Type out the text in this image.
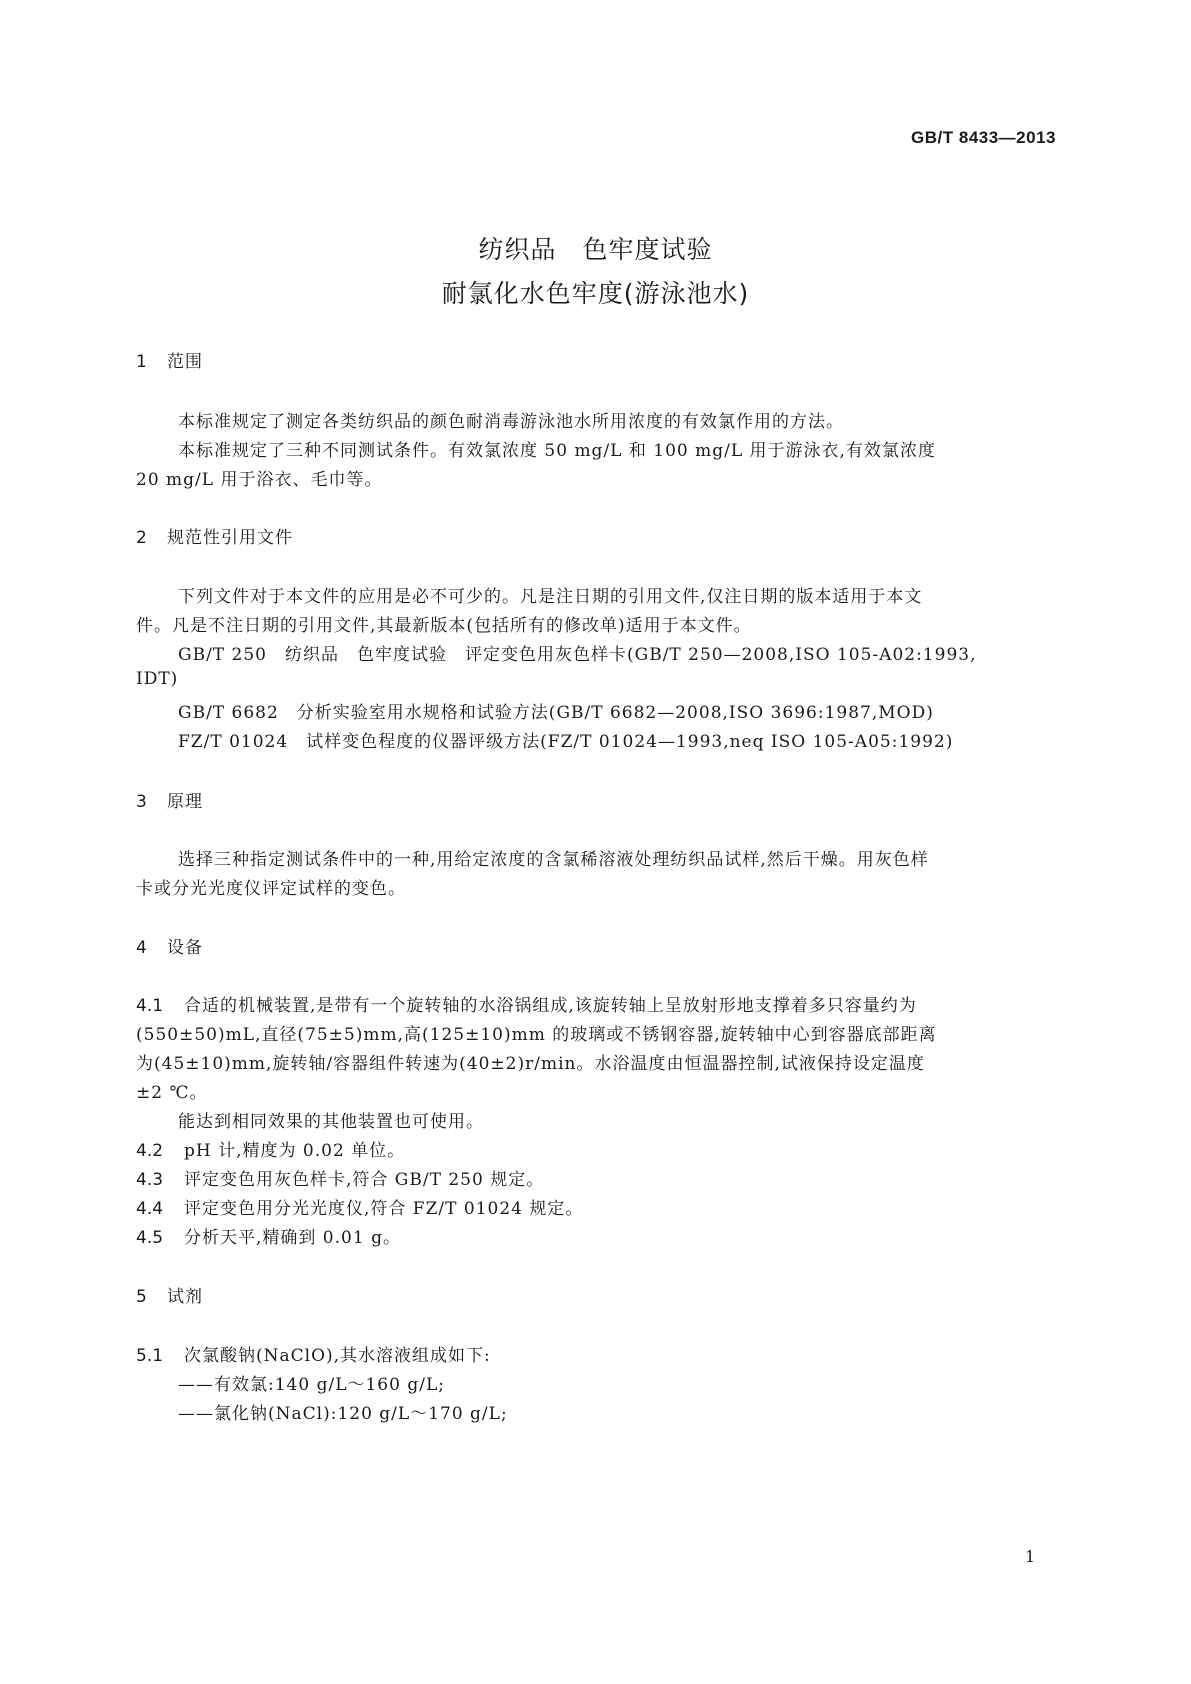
GB/T 8433—2013
纺织品　色牢度试验
耐氯化水色牢度(游泳池水)
1 范围
本标准规定了测定各类纺织品的颜色耐消毒游泳池水所用浓度的有效氯作用的方法。
本标准规定了三种不同测试条件。有效氯浓度 50 mg/L 和 100 mg/L 用于游泳衣,有效氯浓度
20 mg/L 用于浴衣、毛巾等。
2 规范性引用文件
下列文件对于本文件的应用是必不可少的。凡是注日期的引用文件,仅注日期的版本适用于本文
件。凡是不注日期的引用文件,其最新版本(包括所有的修改单)适用于本文件。
GB/T 250　纺织品　色牢度试验　评定变色用灰色样卡(GB/T 250—2008,ISO 105-A02:1993,
IDT)
GB/T 6682　分析实验室用水规格和试验方法(GB/T 6682—2008,ISO 3696:1987,MOD)
FZ/T 01024　试样变色程度的仪器评级方法(FZ/T 01024—1993,neq ISO 105-A05:1992)
3 原理
选择三种指定测试条件中的一种,用给定浓度的含氯稀溶液处理纺织品试样,然后干燥。用灰色样
卡或分光光度仪评定试样的变色。
4 设备
4.1 合适的机械装置,是带有一个旋转轴的水浴锅组成,该旋转轴上呈放射形地支撑着多只容量约为
(550±50)mL,直径(75±5)mm,高(125±10)mm 的玻璃或不锈钢容器,旋转轴中心到容器底部距离
为(45±10)mm,旋转轴/容器组件转速为(40±2)r/min。水浴温度由恒温器控制,试液保持设定温度
±2 ℃。
能达到相同效果的其他装置也可使用。
4.2 pH 计,精度为 0.02 单位。
4.3 评定变色用灰色样卡,符合 GB/T 250 规定。
4.4 评定变色用分光光度仪,符合 FZ/T 01024 规定。
4.5 分析天平,精确到 0.01 g。
5 试剂
5.1 次氯酸钠(NaClO),其水溶液组成如下:
——有效氯:140 g/L～160 g/L;
——氯化钠(NaCl):120 g/L～170 g/L;
1
